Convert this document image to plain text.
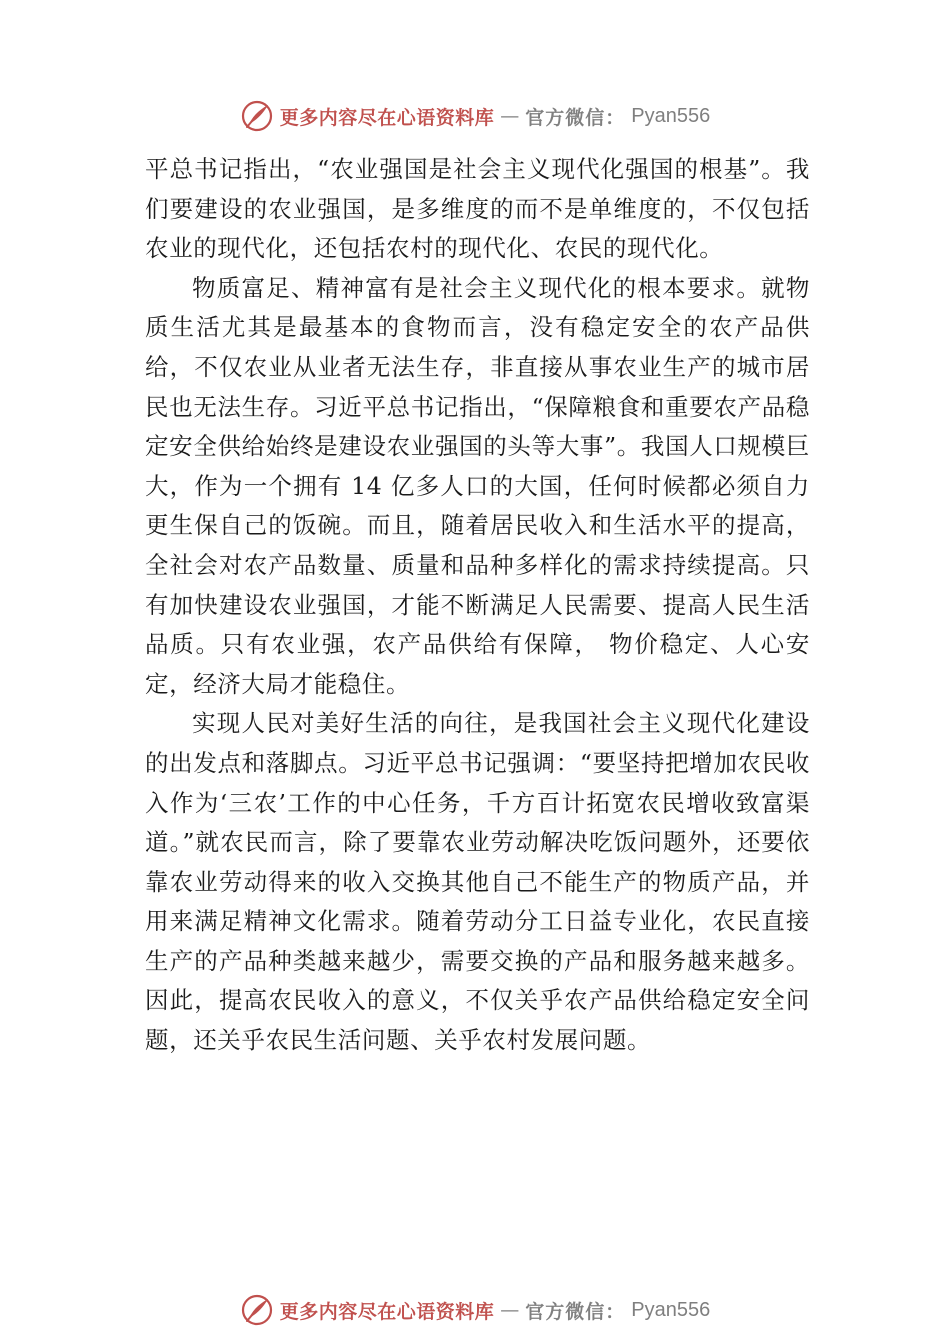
更多内容尽在心语资料库 — 官方微信： Pyan556

平总书记指出，“农业强国是社会主义现代化强国的根基”。我们要建设的农业强国，是多维度的而不是单维度的，不仅包括农业的现代化，还包括农村的现代化、农民的现代化。

物质富足、精神富有是社会主义现代化的根本要求。就物质生活尤其是最基本的食物而言，没有稳定安全的农产品供给，不仅农业从业者无法生存，非直接从事农业生产的城市居民也无法生存。习近平总书记指出，“保障粮食和重要农产品稳定安全供给始终是建设农业强国的头等大事”。我国人口规模巨大，作为一个拥有 14 亿多人口的大国，任何时候都必须自力更生保自己的饭碗。而且，随着居民收入和生活水平的提高，全社会对农产品数量、质量和品种多样化的需求持续提高。只有加快建设农业强国，才能不断满足人民需要、提高人民生活品质。只有农业强，农产品供给有保障， 物价稳定、人心安定，经济大局才能稳住。

实现人民对美好生活的向往，是我国社会主义现代化建设的出发点和落脚点。习近平总书记强调：“要坚持把增加农民收入作为‘三农’工作的中心任务，千方百计拓宽农民增收致富渠道。”就农民而言，除了要靠农业劳动解决吃饭问题外，还要依靠农业劳动得来的收入交换其他自己不能生产的物质产品，并用来满足精神文化需求。随着劳动分工日益专业化，农民直接生产的产品种类越来越少，需要交换的产品和服务越来越多。因此，提高农民收入的意义，不仅关乎农产品供给稳定安全问题，还关乎农民生活问题、关乎农村发展问题。

更多内容尽在心语资料库 — 官方微信： Pyan556
